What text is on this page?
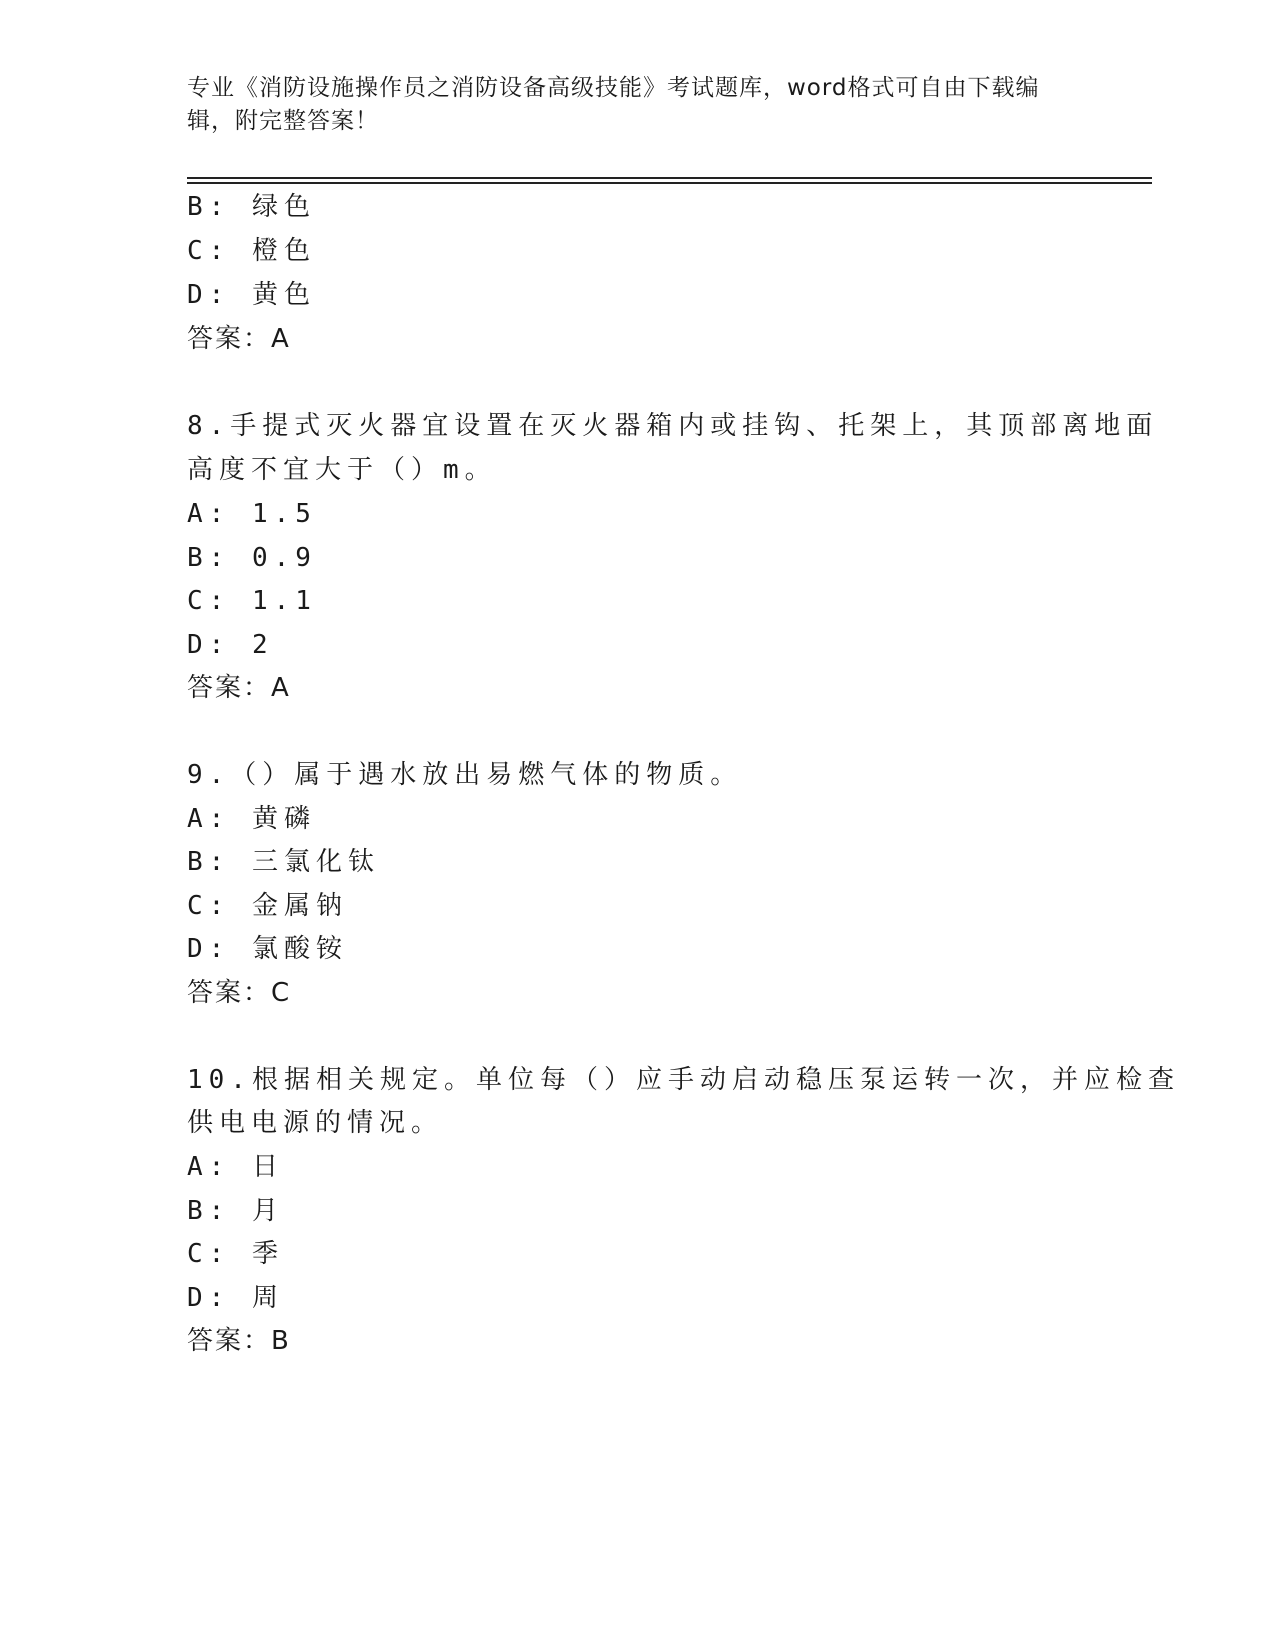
专业《消防设施操作员之消防设备高级技能》考试题库，word格式可自由下载编
辑，附完整答案！
B: 绿色
C: 橙色
D: 黄色
答案：A
8.手提式灭火器宜设置在灭火器箱内或挂钩、托架上，其顶部离地面
高度不宜大于（）m。
A: 1.5
B: 0.9
C: 1.1
D: 2
答案：A
9.（）属于遇水放出易燃气体的物质。
A: 黄磷
B: 三氯化钛
C: 金属钠
D: 氯酸铵
答案：C
10.根据相关规定。单位每（）应手动启动稳压泵运转一次，并应检查
供电电源的情况。
A: 日
B: 月
C: 季
D: 周
答案：B
